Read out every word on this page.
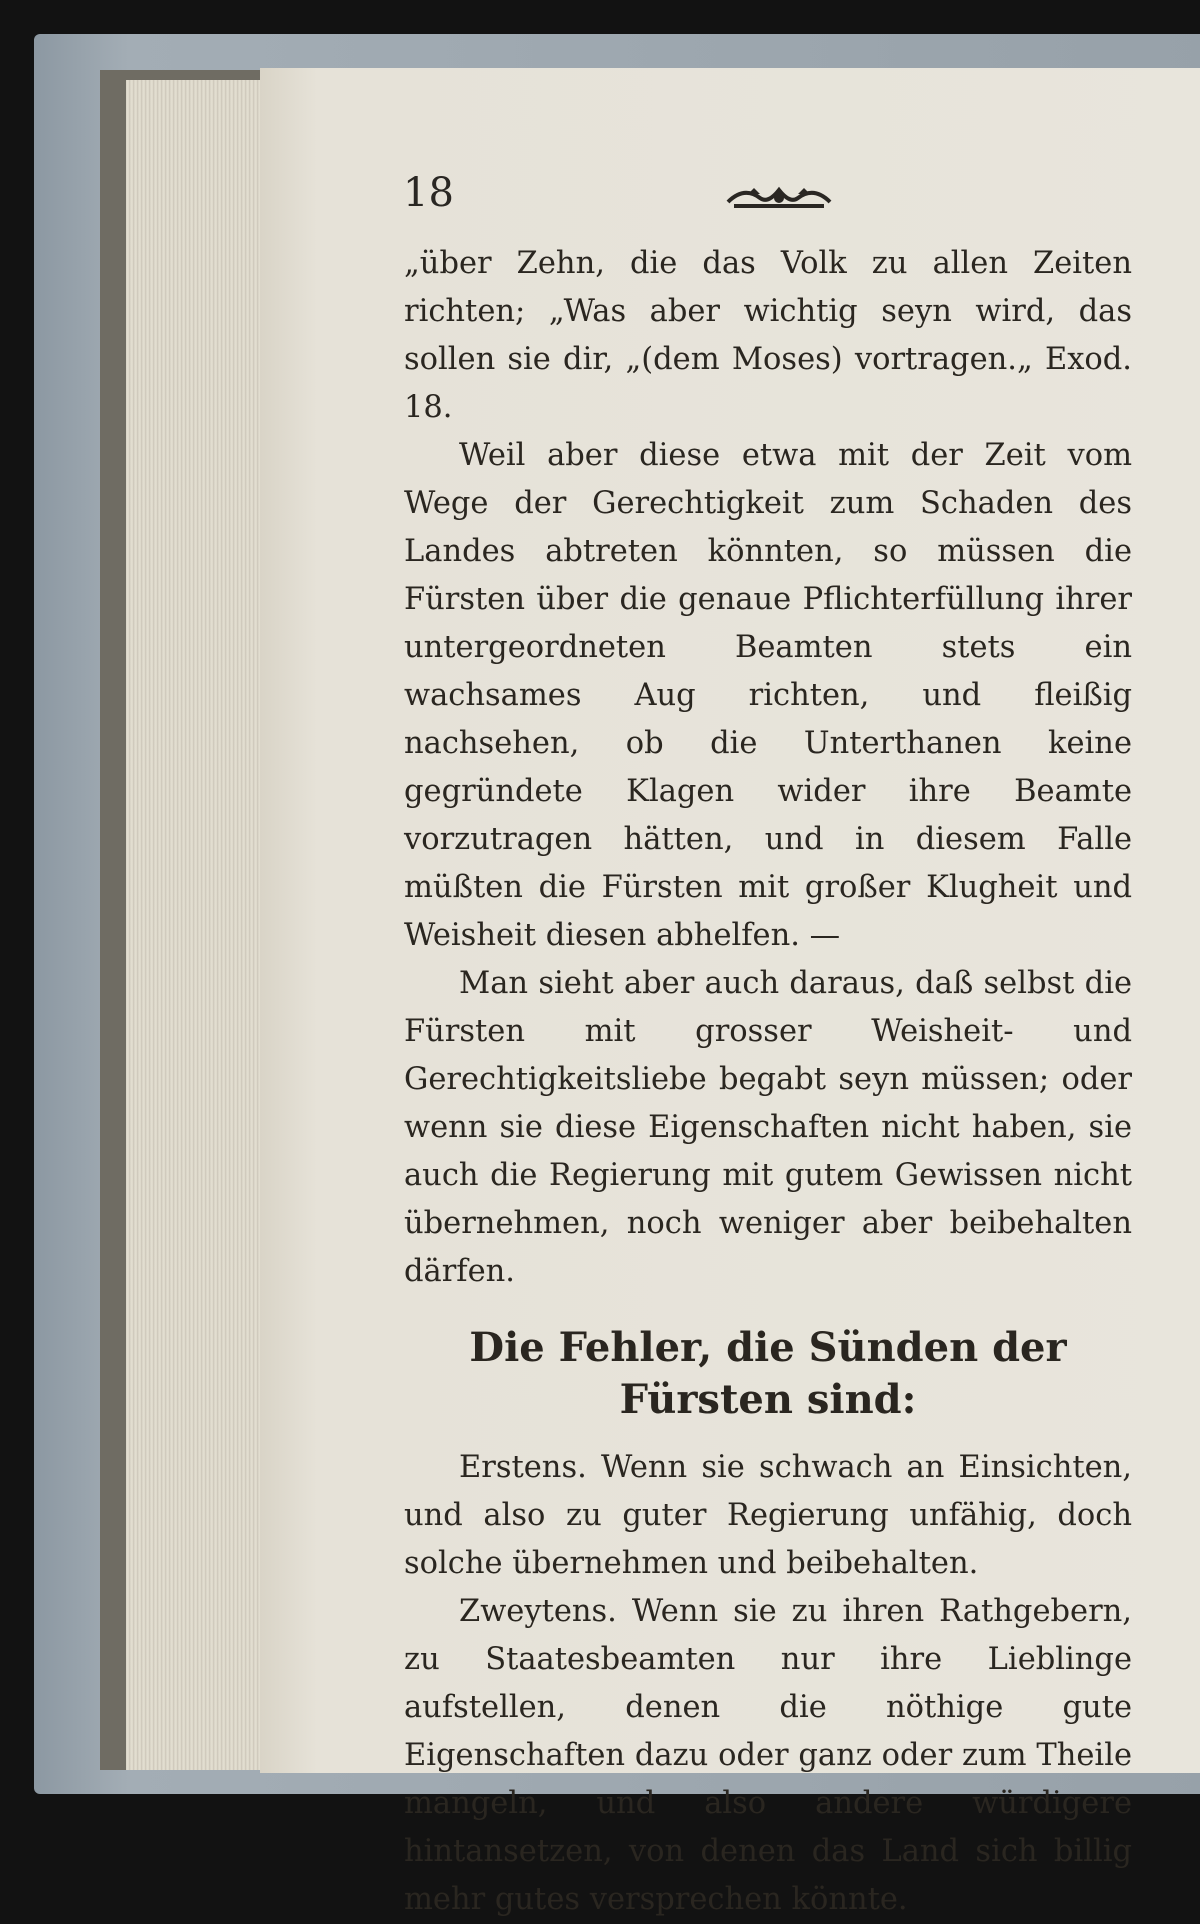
18

„über Zehn, die das Volk zu allen Zeiten richten; „Was aber wichtig seyn wird, das sollen sie dir, „(dem Moses) vortragen.„ Exod. 18.

Weil aber diese etwa mit der Zeit vom Wege der Gerechtigkeit zum Schaden des Landes abtreten könnten, so müssen die Fürsten über die genaue Pflichterfüllung ihrer untergeordneten Beamten stets ein wachsames Aug richten, und fleißig nachsehen, ob die Unterthanen keine gegründete Klagen wider ihre Beamte vorzutragen hätten, und in diesem Falle müßten die Fürsten mit großer Klugheit und Weisheit diesen abhelfen. —

Man sieht aber auch daraus, daß selbst die Fürsten mit grosser Weisheit- und Gerechtigkeitsliebe begabt seyn müssen; oder wenn sie diese Eigenschaften nicht haben, sie auch die Regierung mit gutem Gewissen nicht übernehmen, noch weniger aber beibehalten därfen.

Die Fehler, die Sünden der Fürsten sind:

Erstens. Wenn sie schwach an Einsichten, und also zu guter Regierung unfähig, doch solche übernehmen und beibehalten.

Zweytens. Wenn sie zu ihren Rathgebern, zu Staatesbeamten nur ihre Lieblinge aufstellen, denen die nöthige gute Eigenschaften dazu oder ganz oder zum Theile mangeln, und also andere würdigere hintansetzen, von denen das Land sich billig mehr gutes versprechen könnte.
